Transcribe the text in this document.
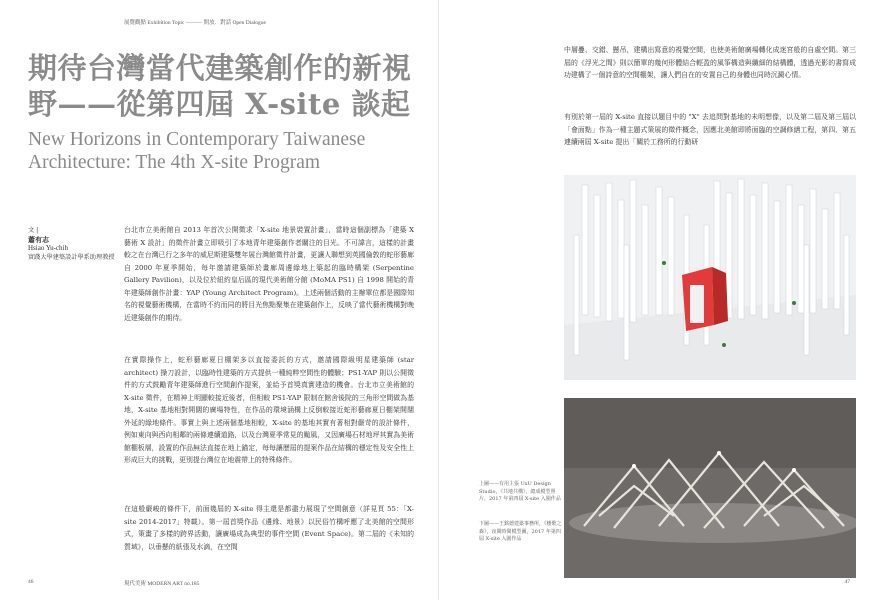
展覽觀點 Exhibition Topic ——— 開放．對話 Open Dialogue
期待台灣當代建築創作的新視野——從第四屆 X-site 談起
New Horizons in Contemporary Taiwanese Architecture: The 4th X-site Program
文 |
蕭有志
Hsiao Yu-chih
實踐大學建築設計學系助理教授

台北市立美術館自 2013 年首次公開徵求「X-site 地景裝置計畫」，當時這個副標為「建築 X 藝術 X 設計」的徵件計畫立即吸引了本地青年建築創作者關注的目光。不可諱言，這樣的計畫較之在台灣已行之多年的威尼斯建築雙年展台灣館徵件計畫，更讓人聯想到英國倫敦的蛇形藝廊自 2000 年夏季開始，每年邀請建築師於畫廊周邊綠地上築起的臨時構架 (Serpentine Gallery Pavilion)，以及位於紐約皇后區的現代美術館分館 (MoMA PS1) 自 1998 開始的青年建築師創作計畫：YAP (Young Architect Program)。上述兩個活動的主辦單位都是國際知名的視覺藝術機構，在當時不約而同的將目光焦點聚集在建築創作上，反映了當代藝術機構對晚近建築創作的期待。

在實際操作上，蛇形藝廊夏日棚架多以直接委託的方式，邀請國際級明星建築師 (star architect) 操刀設計，以臨時性建築的方式提供一種純粹空間性的體驗；PS1-YAP 則以公開徵件的方式鼓勵青年建築師進行空間創作提案，並給予首獎真實建造的機會。台北市立美術館的 X-site 徵件，在精神上明顯較接近後者，但相較 PS1-YAP 限制在館舍後院的三角形空間做為基地，X-site 基地相對開闊的廣場特性，在作品的環境涵構上反倒較接近蛇形藝廊夏日棚架開闊外延的綠地條件。事實上與上述兩個基地相較，X-site 的基地其實有著相對嚴苛的設計條件，例如東向與西向相鄰的兩條連續道路，以及台灣夏季常見的颱風，又因廣場石材地坪其實為美術館棚板層，設置的作品無法直接在地上錨定，每每讓歷屆的提案作品在結構的穩定性及安全性上形成巨大的挑戰，更別提台灣位在地震帶上的特殊條件。

在這般嚴峻的條件下，前面幾屆的 X-site 得主還是都盡力展現了空間創意（詳見頁 55：「X-site 2014-2017」特載）。第一屆首獎作品《邊緣、地景》以民俗竹構呼應了北美館的空間形式，策畫了多樣的跨界活動，讓廣場成為典型的事件空間 (Event Space)。第二屆的《未知的質域》，以垂懸的紙張及水滴，在空間

46	現代美術 MODERN ART no.185

中層疊、交錯、懸吊，建構出寫意的視覺空間，也使美術館廣場轉化成迷宮般的自處空間。第三屆的《浮光之間》則以簡單的幾何形體結合輕盈的風筝構造與纖細的結構體，透過光影的書寫成功建構了一個詩意的空間棚架，讓人們自在的安置自己的身體也同時沉澱心情。

有別於第一屆的 X-site 直接以題目中的 "X" 去追問對基地的未明想像，以及第二屆及第三屆以「會面點」作為一種主題式策展的徵件概念，因應北美館即將面臨的空調修繕工程，第四、第五連續兩屆 X-site 提出「關於工務所的行動研

上圖——有用主張 UxU Design Studio，《共地共構》，總成模型照片，2017 年第四屆 X-site 入圍作品
下圖——王銘德建築事務所，《棲歌之森》，夜間時間模型圖，2017 年第四屆 X-site 入圍作品
47
